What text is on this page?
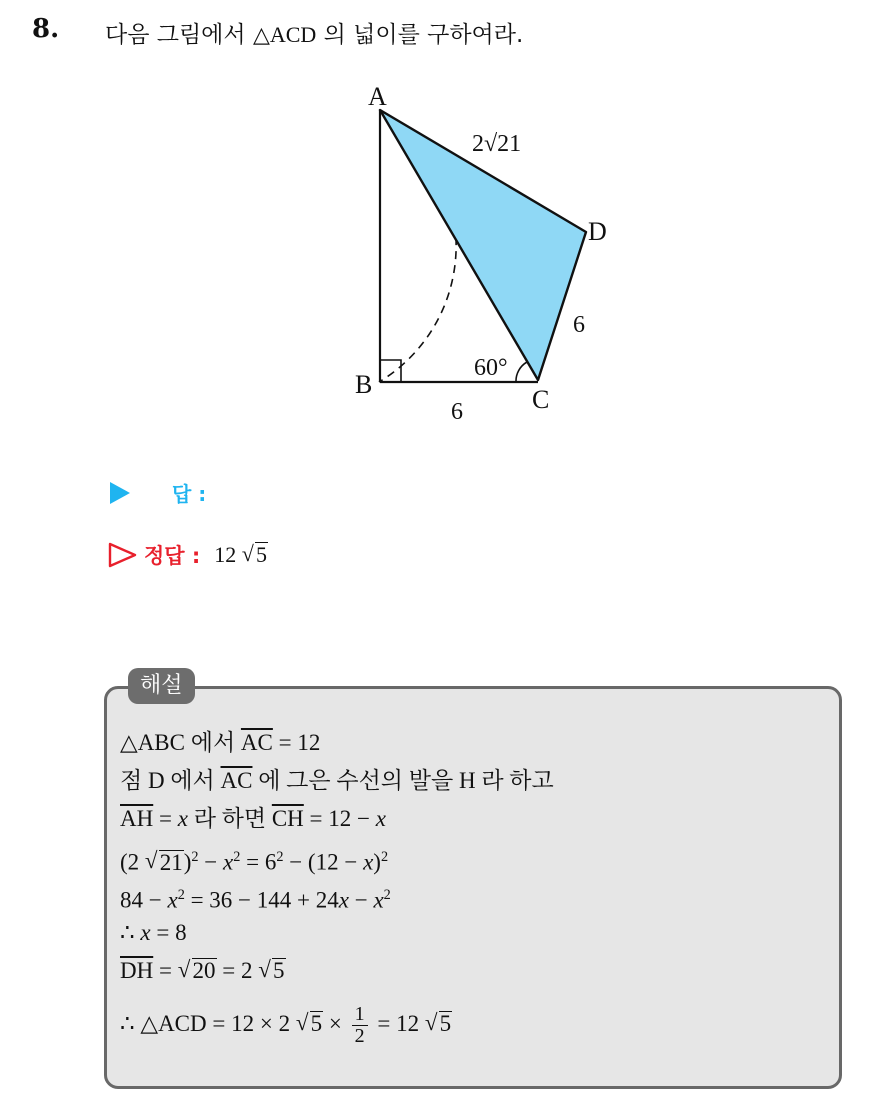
8. 다음 그림에서 △ACD 의 넓이를 구하여라.
A
B
C
D
2√21
6
6
60°
답 :
정답 : 12 √ 5
해설
△ABC 에서 $\overline{AC} = 12$
점 D 에서 $\overline{AC}$ 에 그은 수선의 발을 H 라 하고
$\overline{AH} = x$ 라 하면 $\overline{CH} = 12 - x$
(2 √ $21)^2 - x^2 = 6^2 - (12 - x)^2$
$84 - x^2 = 36 - 144 + 24x - x^2$
∴ x = 8
$\overline{DH}$ = √ 20 = 2 √ 5
∴ △ACD = 12 × 2 √ $5 \times \frac{1}{2} = 12$ √ 5
